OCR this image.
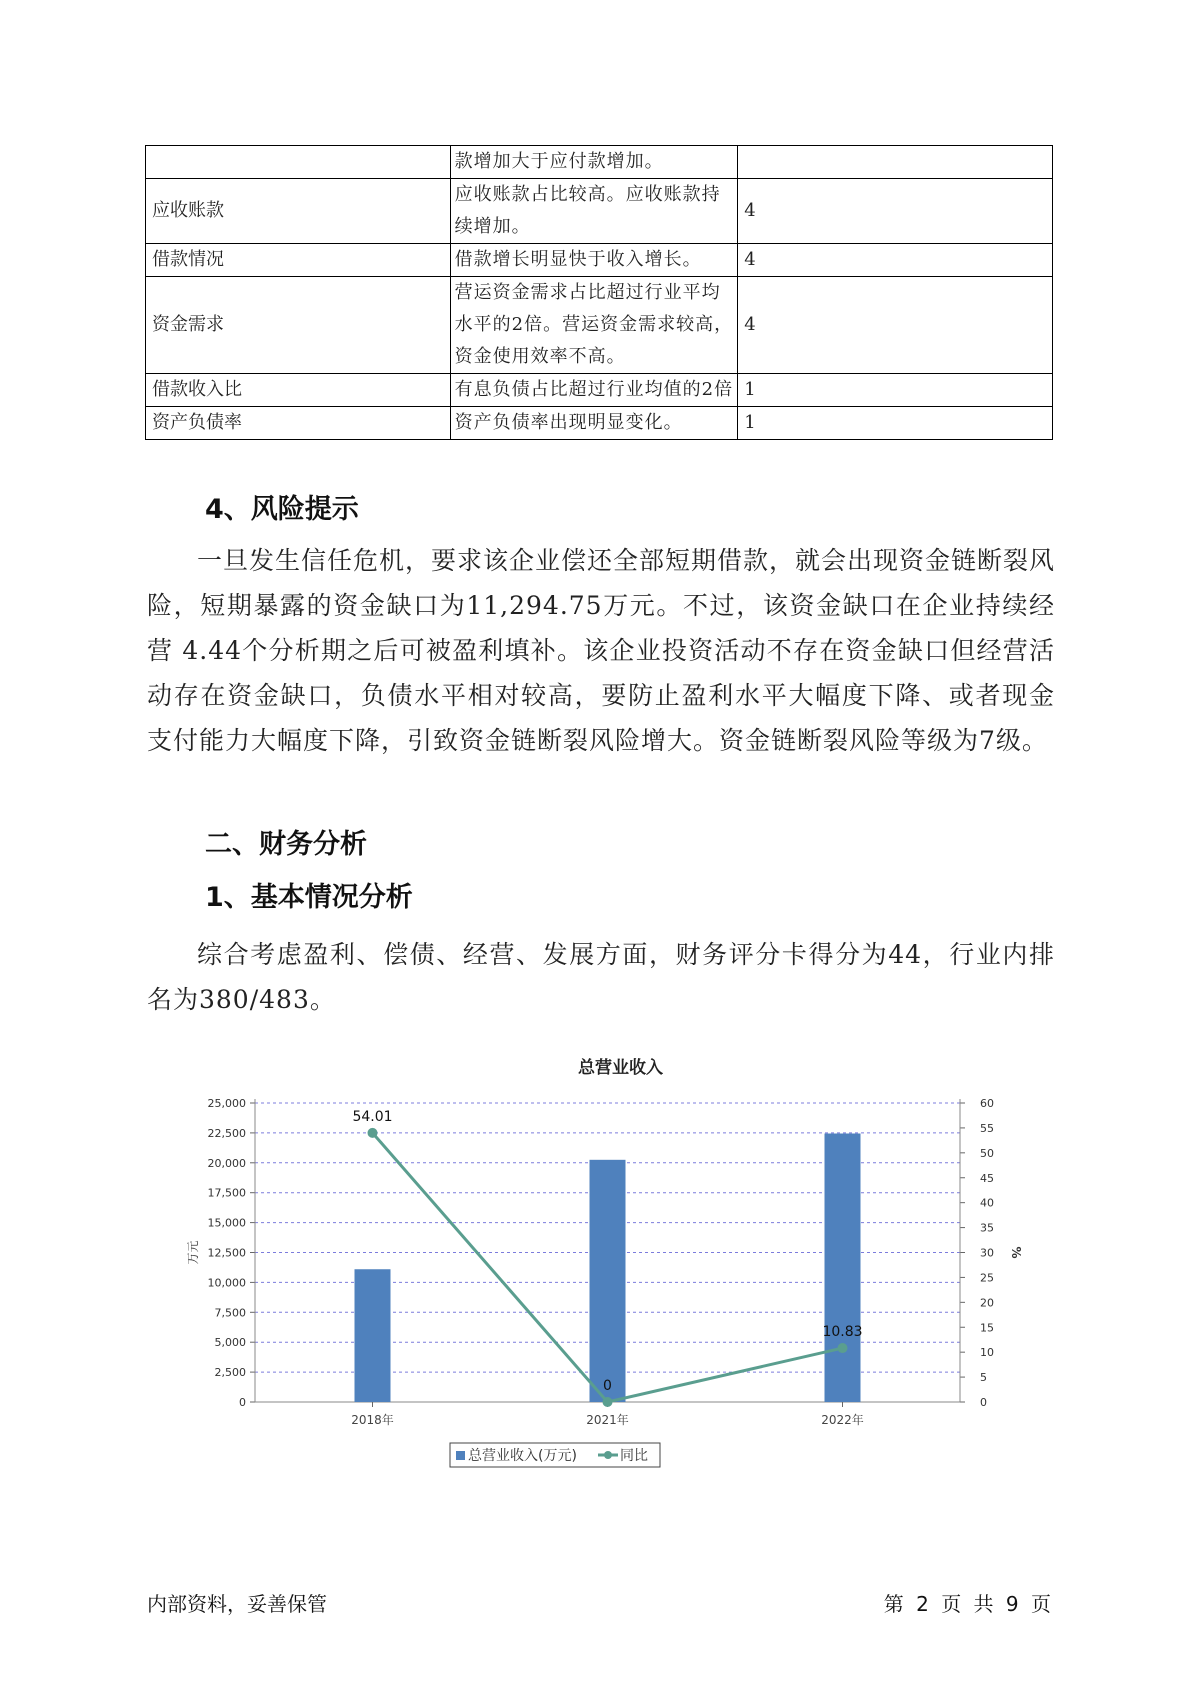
	款增加大于应付款增加。	
应收账款	应收账款占比较高。应收账款持续增加。	4
借款情况	借款增长明显快于收入增长。	4
资金需求	营运资金需求占比超过行业平均水平的2倍。营运资金需求较高，资金使用效率不高。	4
借款收入比	有息负债占比超过行业均值的2倍	1
资产负债率	资产负债率出现明显变化。	1
4、风险提示

一旦发生信任危机，要求该企业偿还全部短期借款，就会出现资金链断裂风险，短期暴露的资金缺口为11,294.75万元。不过，该资金缺口在企业持续经营 4.44个分析期之后可被盈利填补。该企业投资活动不存在资金缺口但经营活动存在资金缺口，负债水平相对较高，要防止盈利水平大幅度下降、或者现金支付能力大幅度下降，引致资金链断裂风险增大。资金链断裂风险等级为7级。

二、财务分析
1、基本情况分析

综合考虑盈利、偿债、经营、发展方面，财务评分卡得分为44，行业内排名为380/483。

总营业收入
0
2,500
5,000
7,500
10,000
12,500
15,000
17,500
20,000
22,500
25,000
0
5
10
15
20
25
30
35
40
45
50
55
60
万元	%
2018年	2021年	2022年
54.01
0
10.83
总营业收入(万元)	同比
内部资料，妥善保管	第 2 页 共 9 页
